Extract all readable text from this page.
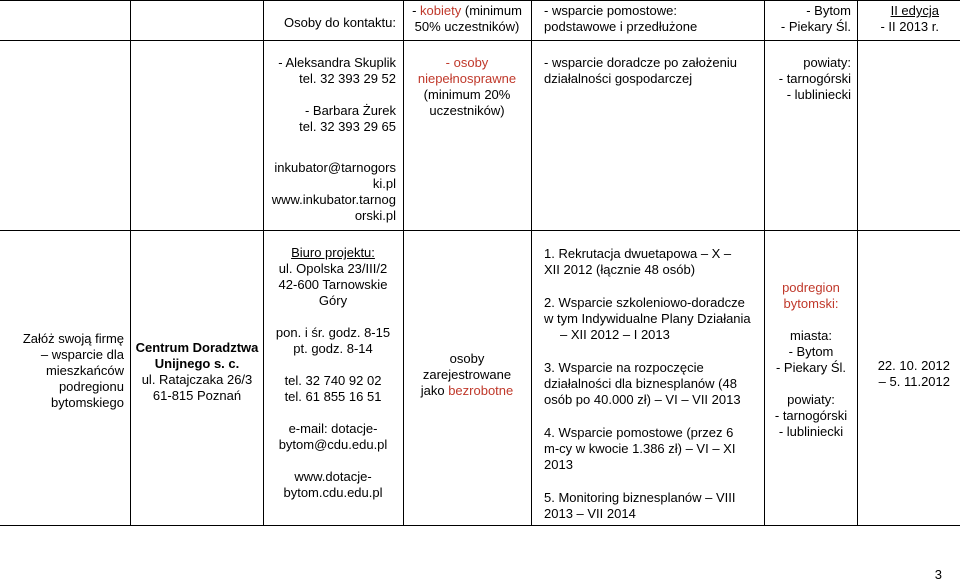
Osoby do kontaktu:
- kobiety (minimum
50% uczestników)
- wsparcie pomostowe:
podstawowe i przedłużone
- Bytom
- Piekary Śl.
II edycja
- II 2013 r.
- Aleksandra Skuplik
tel. 32 393 29 52
- Barbara Żurek
tel. 32 393 29 65
inkubator@tarnogors
ki.pl
www.inkubator.tarnog
orski.pl
- osoby
niepełnosprawne
(minimum 20%
uczestników)
- wsparcie doradcze po założeniu
działalności gospodarczej
powiaty:
- tarnogórski
- lubliniecki
Załóż swoją firmę
– wsparcie dla
mieszkańców
podregionu
bytomskiego
Centrum Doradztwa
Unijnego s. c.
ul. Ratajczaka 26/3
61-815 Poznań
Biuro projektu:
ul. Opolska 23/III/2
42-600 Tarnowskie
Góry
pon. i śr. godz. 8-15
pt. godz. 8-14
tel. 32 740 92 02
tel. 61 855 16 51
e-mail: dotacje-
bytom@cdu.edu.pl
www.dotacje-
bytom.cdu.edu.pl
osoby
zarejestrowane
jako bezrobotne
1. Rekrutacja dwuetapowa – X –
XII 2012 (łącznie 48 osób)
2. Wsparcie szkoleniowo-doradcze
w tym Indywidualne Plany Działania
– XII 2012 – I 2013
3. Wsparcie na rozpoczęcie
działalności dla biznesplanów (48
osób po 40.000 zł) – VI – VII 2013
4. Wsparcie pomostowe (przez 6
m-cy w kwocie 1.386 zł) – VI – XI
2013
5. Monitoring biznesplanów – VIII
2013 – VII 2014
podregion
bytomski:
miasta:
- Bytom
- Piekary Śl.
powiaty:
- tarnogórski
- lubliniecki
22. 10. 2012
– 5. 11.2012
3
